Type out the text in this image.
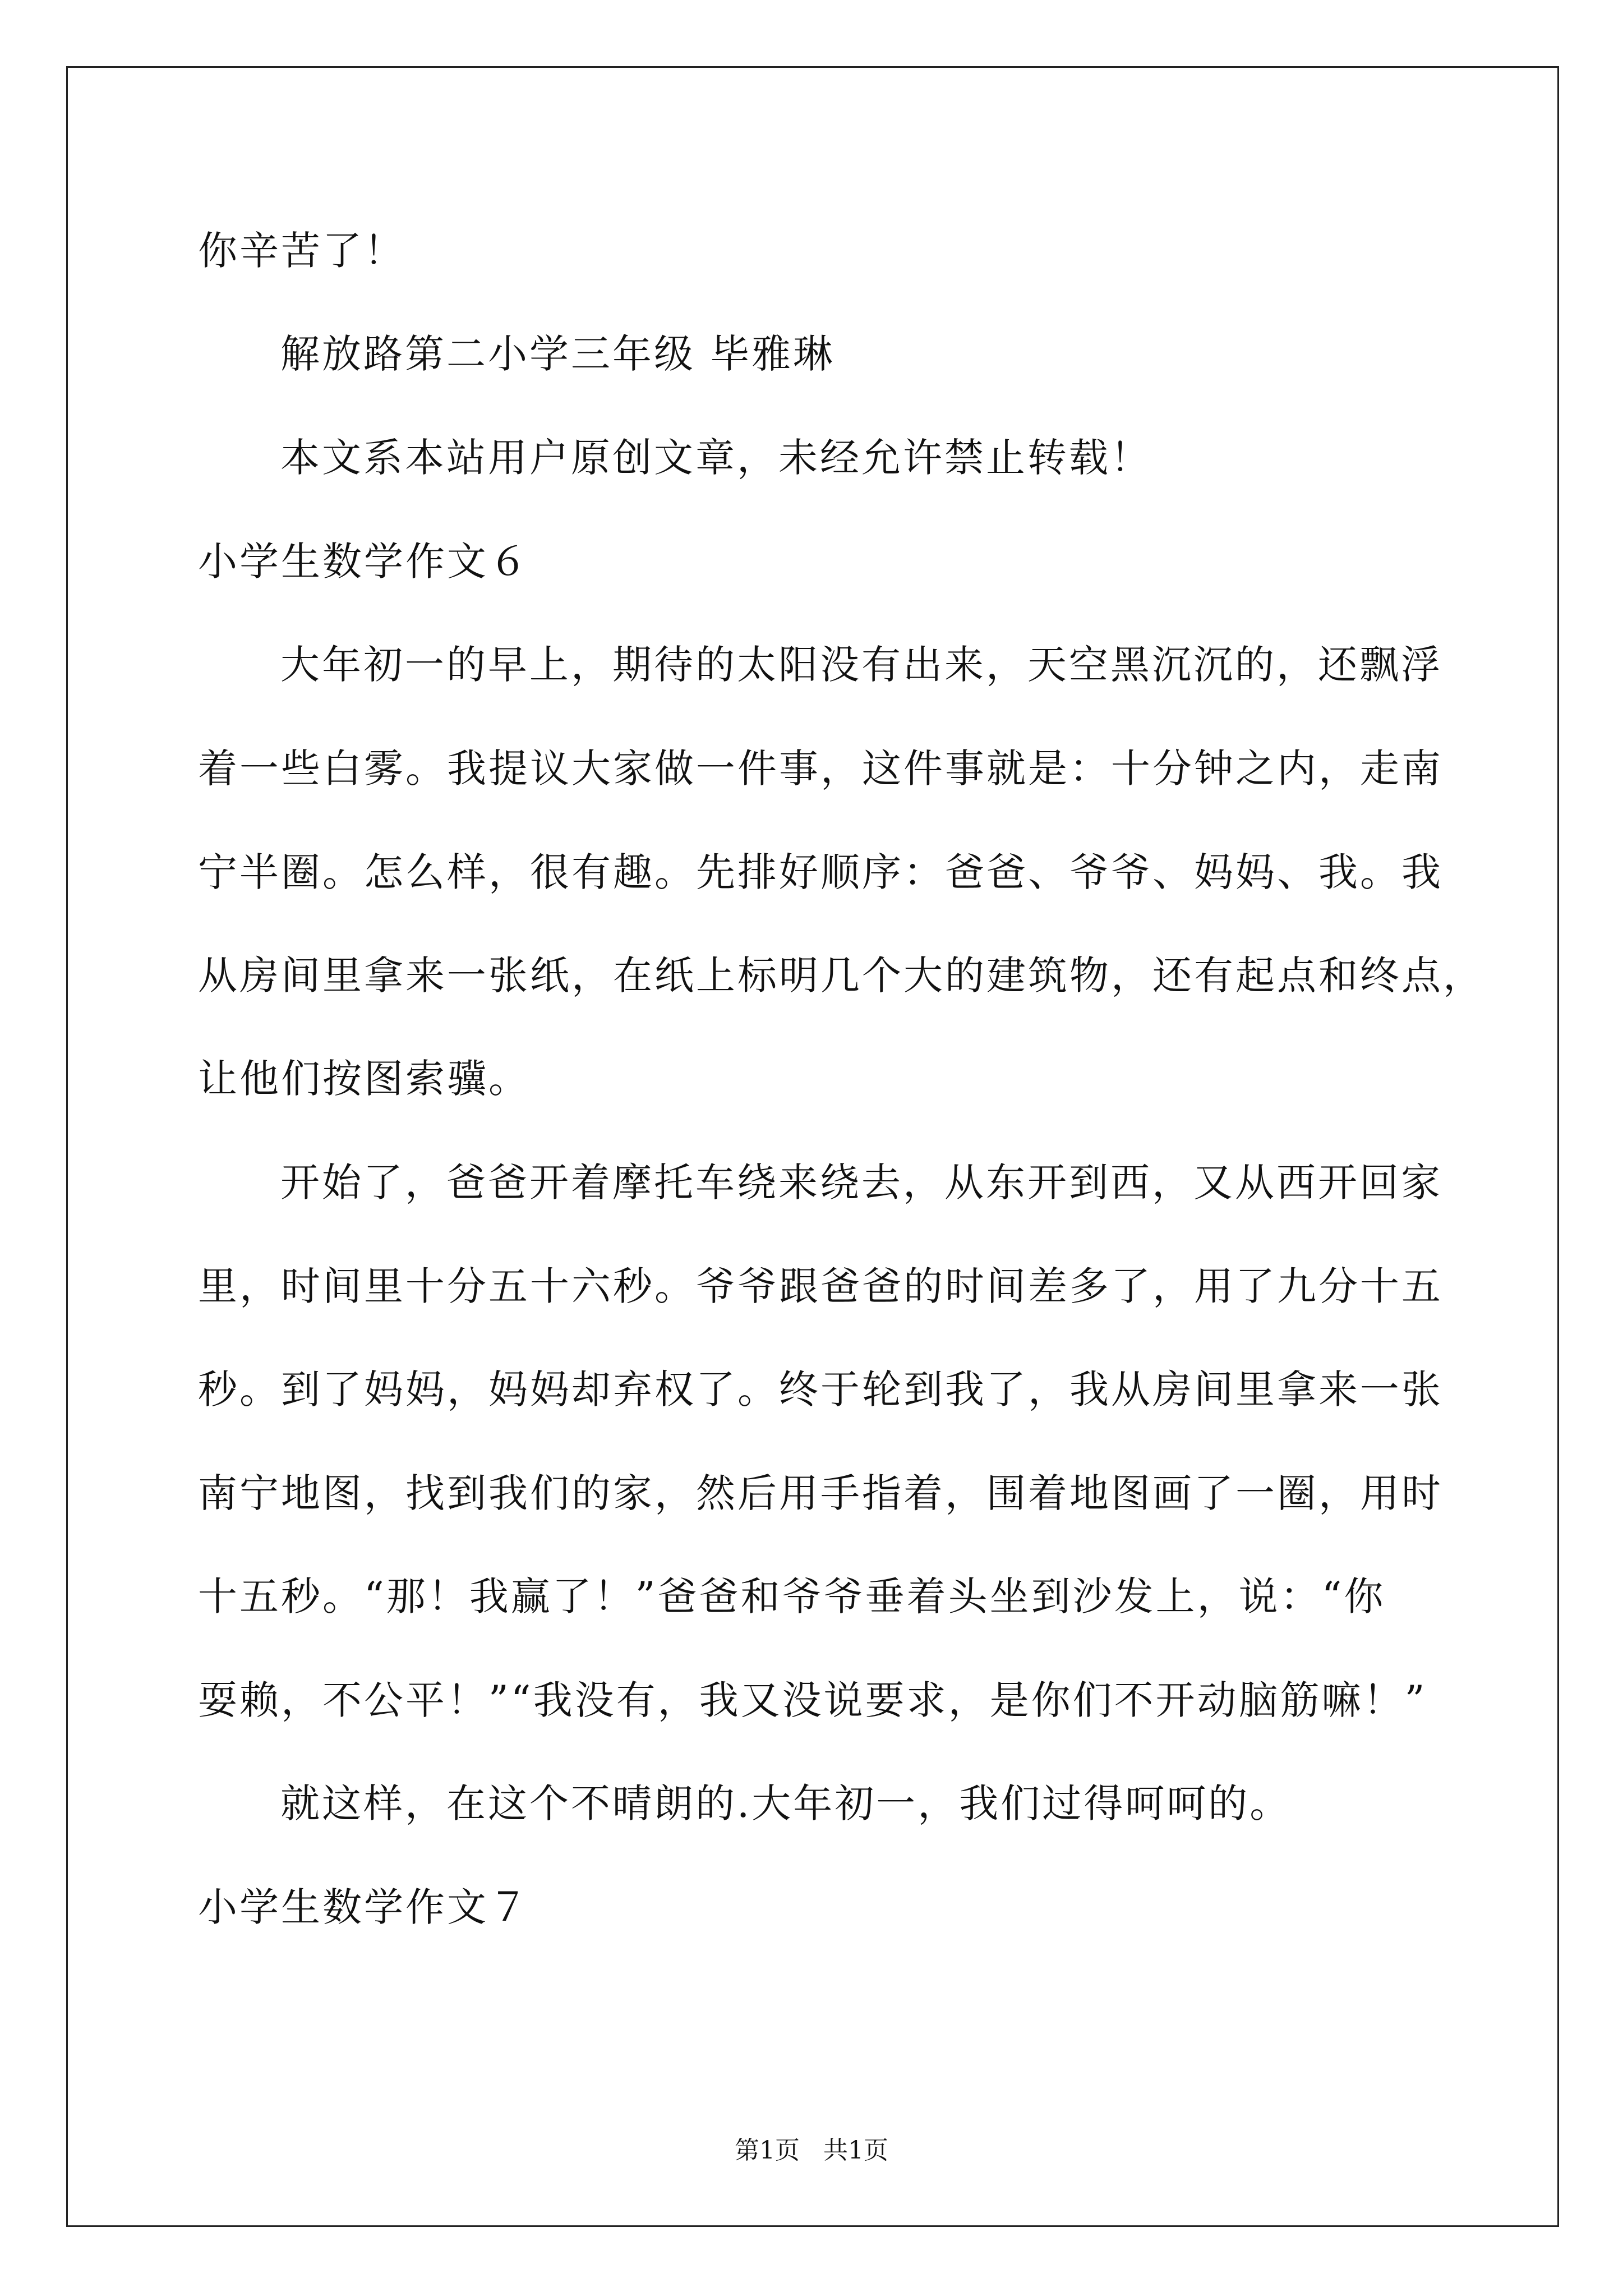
你辛苦了！
解放路第二小学三年级 毕雅琳
本文系本站用户原创文章，未经允许禁止转载！
小学生数学作文６
大年初一的早上，期待的太阳没有出来，天空黑沉沉的，还飘浮
着一些白雾。我提议大家做一件事，这件事就是：十分钟之内，走南
宁半圈。怎么样，很有趣。先排好顺序：爸爸、爷爷、妈妈、我。我
从房间里拿来一张纸，在纸上标明几个大的建筑物，还有起点和终点，
让他们按图索骥。
开始了，爸爸开着摩托车绕来绕去，从东开到西，又从西开回家
里，时间里十分五十六秒。爷爷跟爸爸的时间差多了，用了九分十五
秒。到了妈妈，妈妈却弃权了。终于轮到我了，我从房间里拿来一张
南宁地图，找到我们的家，然后用手指着，围着地图画了一圈，用时
十五秒。“那！我赢了！”爸爸和爷爷垂着头坐到沙发上，说：“你
耍赖，不公平！”“我没有，我又没说要求，是你们不开动脑筋嘛！”
就这样，在这个不晴朗的.大年初一，我们过得呵呵的。
小学生数学作文７
第1页   共1页
